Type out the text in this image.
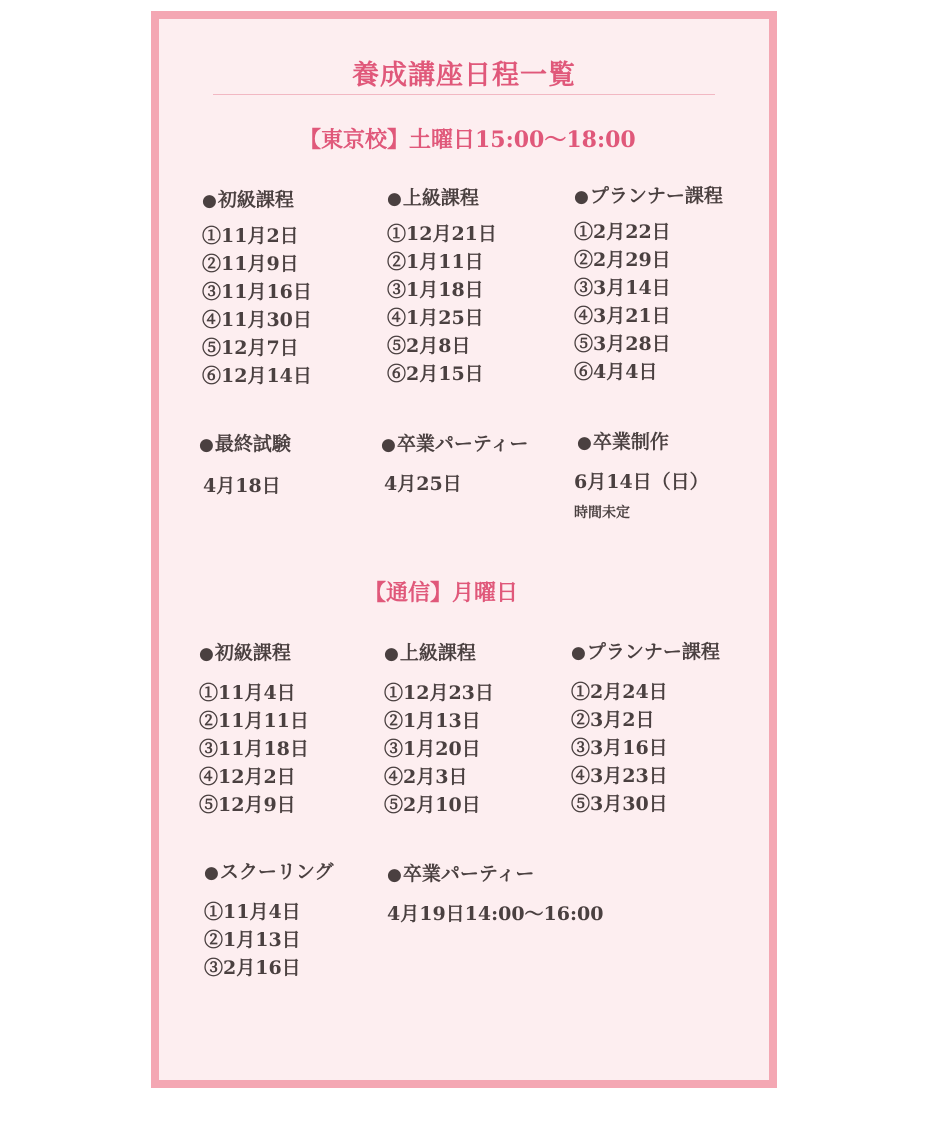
養成講座日程一覧
【東京校】土曜日15:00〜18:00
●初級課程
①11月2日
②11月9日
③11月16日
④11月30日
⑤12月7日
⑥12月14日
●上級課程
①12月21日
②1月11日
③1月18日
④1月25日
⑤2月8日
⑥2月15日
●プランナー課程
①2月22日
②2月29日
③3月14日
④3月21日
⑤3月28日
⑥4月4日
●最終試験
4月18日
●卒業パーティー
4月25日
●卒業制作
6月14日（日）
時間未定
【通信】月曜日
●初級課程
①11月4日
②11月11日
③11月18日
④12月2日
⑤12月9日
●上級課程
①12月23日
②1月13日
③1月20日
④2月3日
⑤2月10日
●プランナー課程
①2月24日
②3月2日
③3月16日
④3月23日
⑤3月30日
●スクーリング
①11月4日
②1月13日
③2月16日
●卒業パーティー
4月19日14:00〜16:00
